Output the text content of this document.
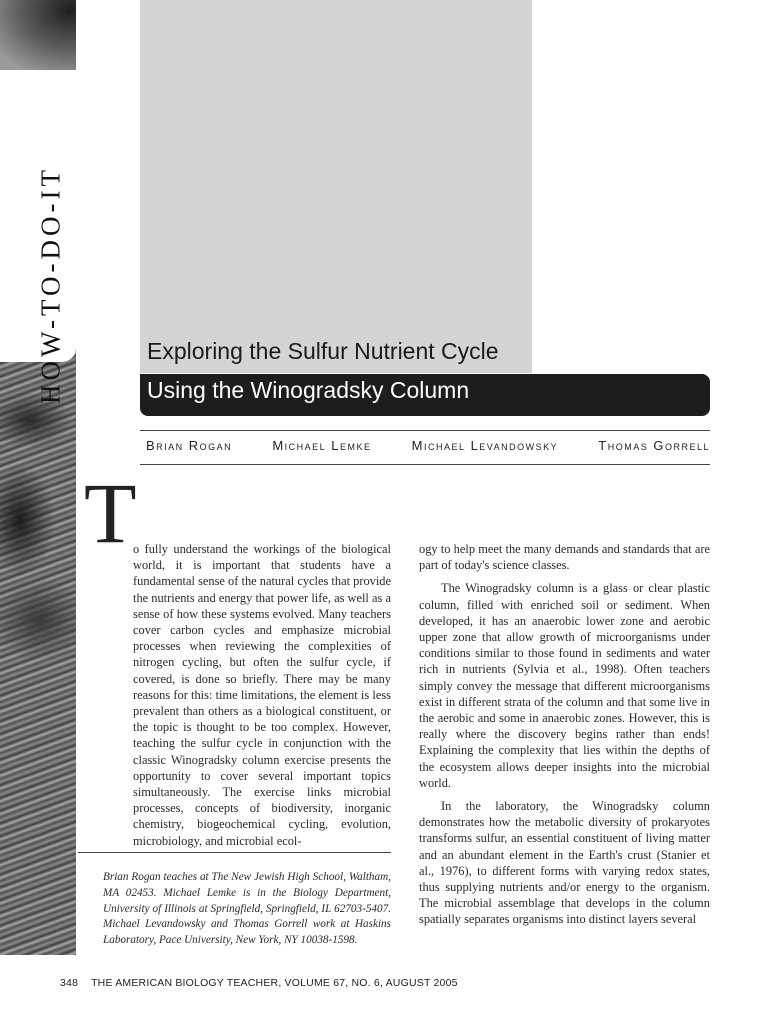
HOW-TO-DO-IT	Exploring the Sulfur Nutrient Cycle
Using the Winogradsky Column
Brian Rogan	Michael Lemke	Michael Levandowsky	Thomas Gorrell
T

o fully understand the workings of the biological world, it is important that students have a fundamental sense of the natural cycles that provide the nutrients and energy that power life, as well as a sense of how these systems evolved. Many teachers cover carbon cycles and emphasize microbial processes when reviewing the complexities of nitrogen cycling, but often the sulfur cycle, if covered, is done so briefly. There may be many reasons for this: time limitations, the element is less prevalent than others as a biological constituent, or the topic is thought to be too complex. However, teaching the sulfur cycle in conjunction with the classic Winogradsky column exercise presents the opportunity to cover several important topics simultaneously. The exercise links microbial processes, concepts of biodiversity, inorganic chemistry, biogeochemical cycling, evolution, microbiology, and microbial ecol-

ogy to help meet the many demands and standards that are part of today's science classes.

The Winogradsky column is a glass or clear plastic column, filled with enriched soil or sediment. When developed, it has an anaerobic lower zone and aerobic upper zone that allow growth of microorganisms under conditions similar to those found in sediments and water rich in nutrients (Sylvia et al., 1998). Often teachers simply convey the message that different microorganisms exist in different strata of the column and that some live in the aerobic and some in anaerobic zones. However, this is really where the discovery begins rather than ends! Explaining the complexity that lies within the depths of the ecosystem allows deeper insights into the microbial world.

In the laboratory, the Winogradsky column demonstrates how the metabolic diversity of prokaryotes transforms sulfur, an essential constituent of living matter and an abundant element in the Earth's crust (Stanier et al., 1976), to different forms with varying redox states, thus supplying nutrients and/or energy to the organism. The microbial assemblage that develops in the column spatially separates organisms into distinct layers several

Brian Rogan teaches at The New Jewish High School, Waltham, MA 02453. Michael Lemke is in the Biology Department, University of Illinois at Springfield, Springfield, IL 62703-5407. Michael Levandowsky and Thomas Gorrell work at Haskins Laboratory, Pace University, New York, NY 10038-1598.
348 THE AMERICAN BIOLOGY TEACHER, VOLUME 67, NO. 6, AUGUST 2005
